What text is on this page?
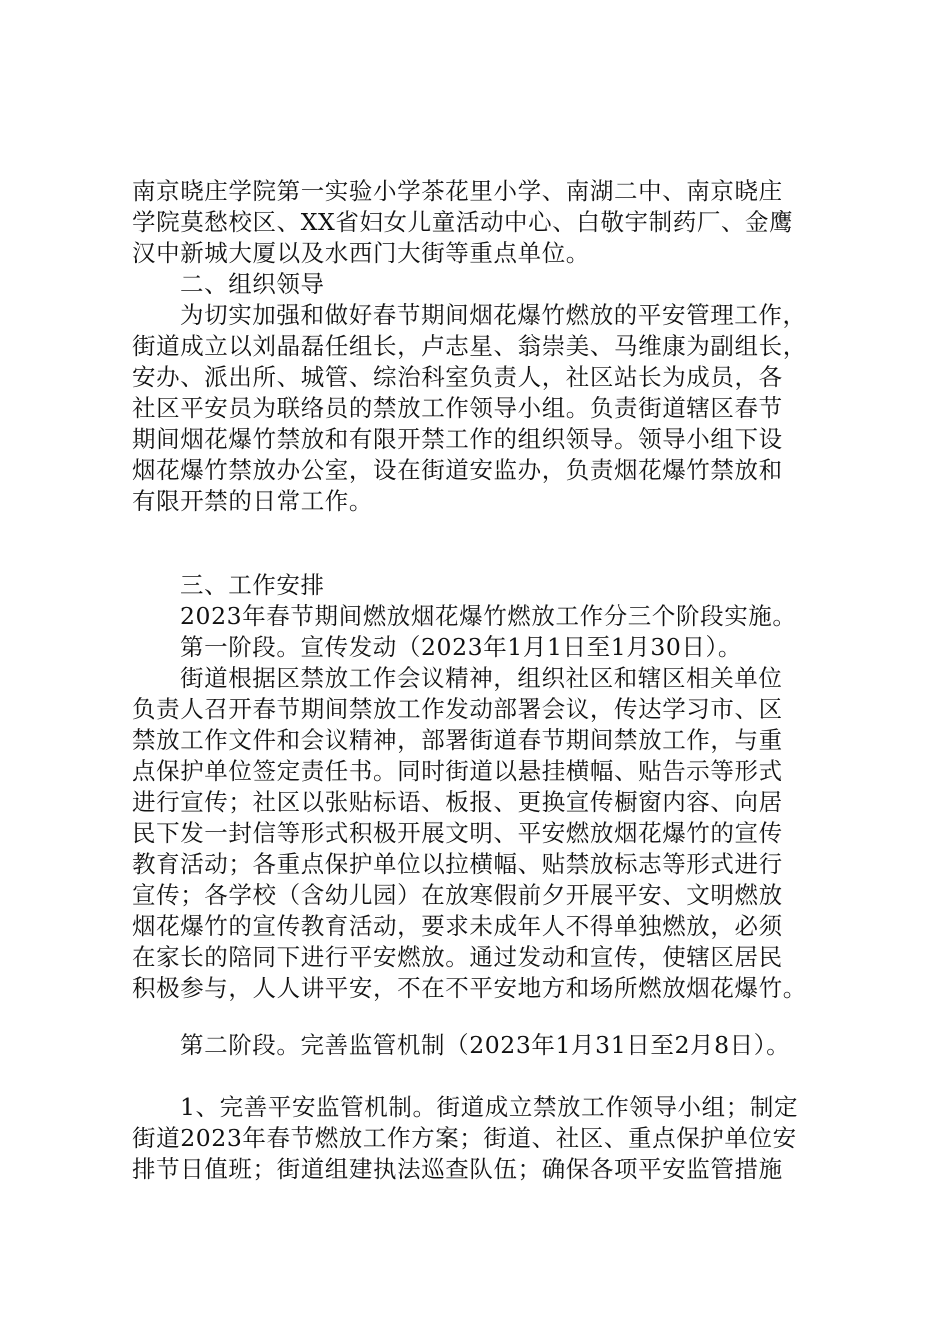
南京晓庄学院第一实验小学茶花里小学、南湖二中、南京晓庄
学院莫愁校区、XX省妇女儿童活动中心、白敬宇制药厂、金鹰
汉中新城大厦以及水西门大街等重点单位。
二、组织领导
为切实加强和做好春节期间烟花爆竹燃放的平安管理工作，
街道成立以刘晶磊任组长，卢志星、翁崇美、马维康为副组长，
安办、派出所、城管、综治科室负责人，社区站长为成员，各
社区平安员为联络员的禁放工作领导小组。负责街道辖区春节
期间烟花爆竹禁放和有限开禁工作的组织领导。领导小组下设
烟花爆竹禁放办公室，设在街道安监办，负责烟花爆竹禁放和
有限开禁的日常工作。
三、工作安排
2023年春节期间燃放烟花爆竹燃放工作分三个阶段实施。
第一阶段。宣传发动（2023年1月1日至1月30日）。
街道根据区禁放工作会议精神，组织社区和辖区相关单位
负责人召开春节期间禁放工作发动部署会议，传达学习市、区
禁放工作文件和会议精神，部署街道春节期间禁放工作，与重
点保护单位签定责任书。同时街道以悬挂横幅、贴告示等形式
进行宣传；社区以张贴标语、板报、更换宣传橱窗内容、向居
民下发一封信等形式积极开展文明、平安燃放烟花爆竹的宣传
教育活动；各重点保护单位以拉横幅、贴禁放标志等形式进行
宣传；各学校（含幼儿园）在放寒假前夕开展平安、文明燃放
烟花爆竹的宣传教育活动，要求未成年人不得单独燃放，必须
在家长的陪同下进行平安燃放。通过发动和宣传，使辖区居民
积极参与，人人讲平安，不在不平安地方和场所燃放烟花爆竹。
第二阶段。完善监管机制（2023年1月31日至2月8日）。
1、完善平安监管机制。街道成立禁放工作领导小组；制定
街道2023年春节燃放工作方案；街道、社区、重点保护单位安
排节日值班；街道组建执法巡查队伍；确保各项平安监管措施
